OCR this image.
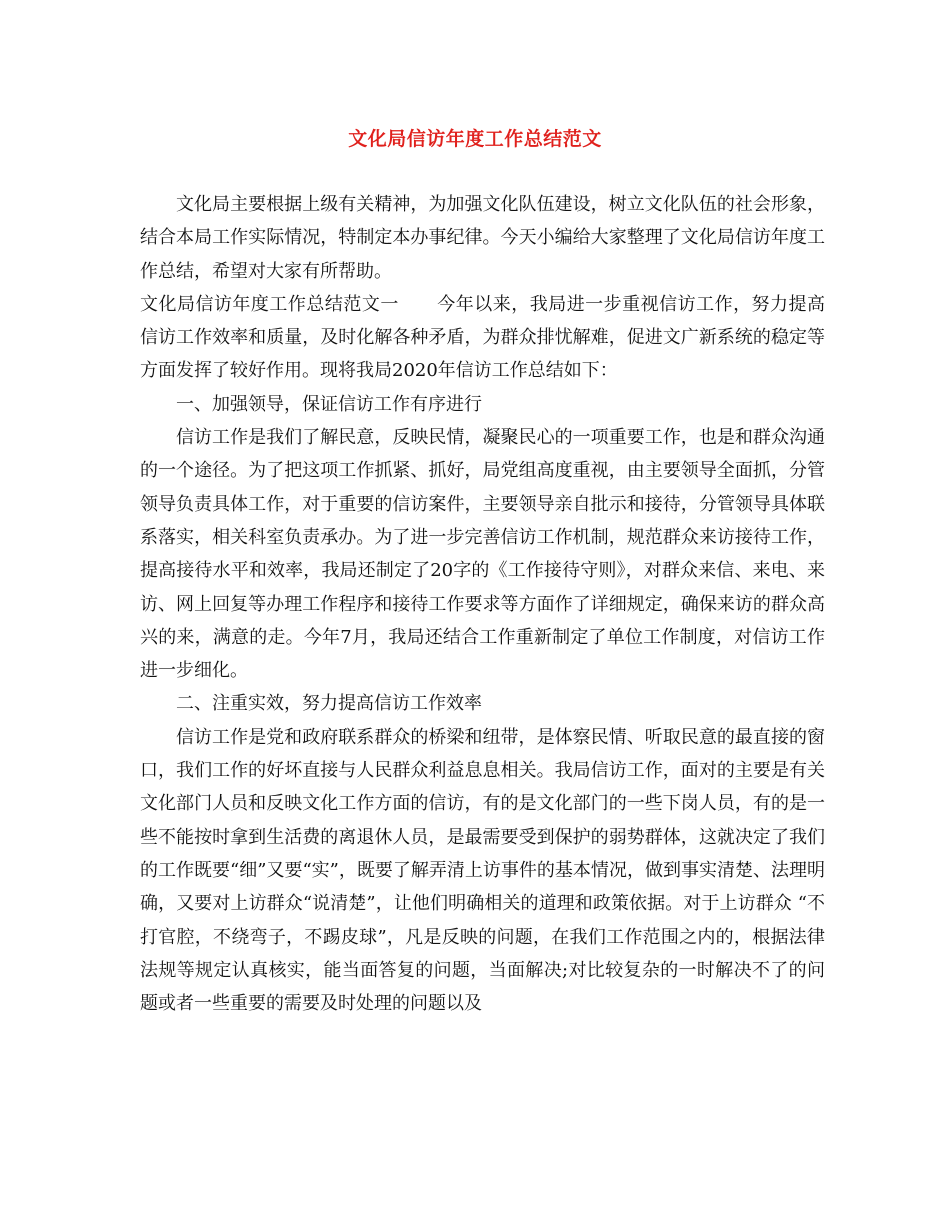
文化局信访年度工作总结范文

文化局主要根据上级有关精神，为加强文化队伍建设，树立文化队伍的社会形象，结合本局工作实际情况，特制定本办事纪律。今天小编给大家整理了文化局信访年度工作总结，希望对大家有所帮助。

文化局信访年度工作总结范文一 今年以来，我局进一步重视信访工作，努力提高信访工作效率和质量，及时化解各种矛盾，为群众排忧解难，促进文广新系统的稳定等方面发挥了较好作用。现将我局2020年信访工作总结如下：

一、加强领导，保证信访工作有序进行

信访工作是我们了解民意，反映民情，凝聚民心的一项重要工作，也是和群众沟通的一个途径。为了把这项工作抓紧、抓好，局党组高度重视，由主要领导全面抓，分管领导负责具体工作，对于重要的信访案件，主要领导亲自批示和接待，分管领导具体联系落实，相关科室负责承办。为了进一步完善信访工作机制，规范群众来访接待工作，提高接待水平和效率，我局还制定了20字的《工作接待守则》，对群众来信、来电、来访、网上回复等办理工作程序和接待工作要求等方面作了详细规定，确保来访的群众高兴的来，满意的走。今年7月，我局还结合工作重新制定了单位工作制度，对信访工作进一步细化。

二、注重实效，努力提高信访工作效率

信访工作是党和政府联系群众的桥梁和纽带，是体察民情、听取民意的最直接的窗口，我们工作的好坏直接与人民群众利益息息相关。我局信访工作，面对的主要是有关文化部门人员和反映文化工作方面的信访，有的是文化部门的一些下岗人员，有的是一些不能按时拿到生活费的离退休人员，是最需要受到保护的弱势群体，这就决定了我们的工作既要“细”又要“实”，既要了解弄清上访事件的基本情况，做到事实清楚、法理明确，又要对上访群众“说清楚”，让他们明确相关的道理和政策依据。对于上访群众 “不打官腔，不绕弯子，不踢皮球”，凡是反映的问题，在我们工作范围之内的，根据法律法规等规定认真核实，能当面答复的问题，当面解决;对比较复杂的一时解决不了的问题或者一些重要的需要及时处理的问题以及
